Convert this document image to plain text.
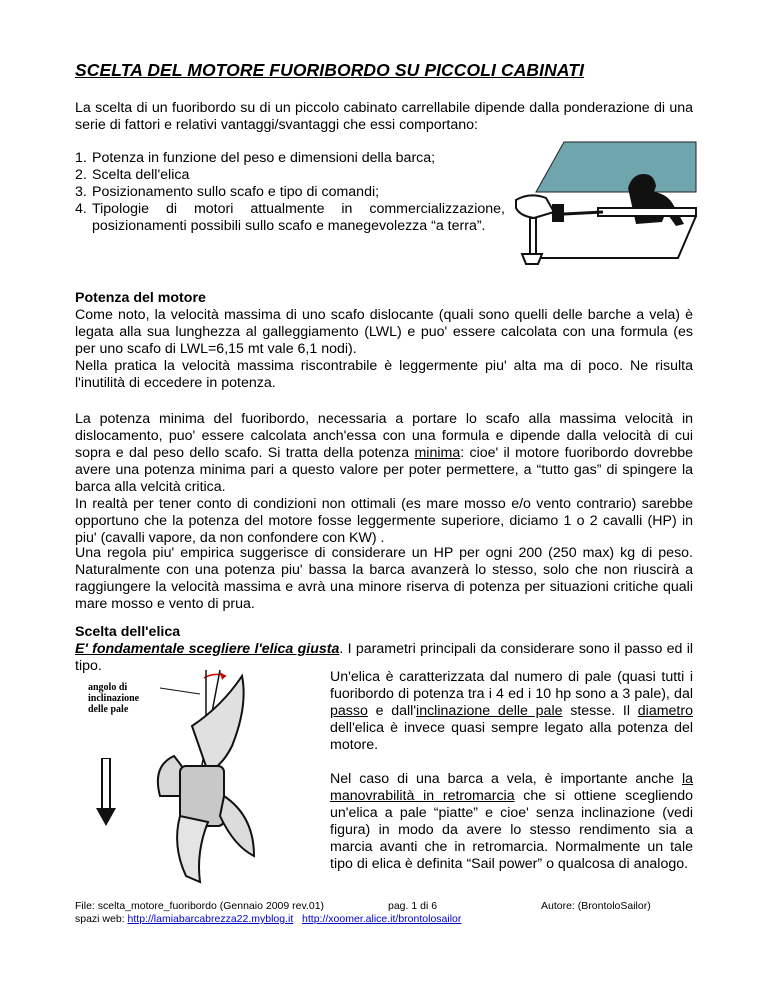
SCELTA DEL MOTORE FUORIBORDO SU PICCOLI CABINATI

La scelta di un fuoribordo su di un piccolo cabinato carrellabile dipende dalla ponderazione di una serie di fattori e relativi vantaggi/svantaggi che essi comportano:

1. Potenza in funzione del peso e dimensioni della barca;
2. Scelta dell'elica
3. Posizionamento sullo scafo e tipo di comandi;
4. Tipologie di motori attualmente in commercializzazione, posizionamenti possibili sullo scafo e manegevolezza “a terra”.

Potenza del motore

Come noto, la velocità massima di uno scafo dislocante (quali sono quelli delle barche a vela) è legata alla sua lunghezza al galleggiamento (LWL) e puo' essere calcolata con una formula (es per uno scafo di LWL=6,15 mt vale 6,1 nodi).

Nella pratica la velocità massima riscontrabile è leggermente piu' alta ma di poco. Ne risulta l'inutilità di eccedere in potenza.

La potenza minima del fuoribordo, necessaria a portare lo scafo alla massima velocità in dislocamento, puo' essere calcolata anch'essa con una formula e dipende dalla velocità di cui sopra e dal peso dello scafo. Si tratta della potenza minima: cioe' il motore fuoribordo dovrebbe avere una potenza minima pari a questo valore per poter permettere, a “tutto gas” di spingere la barca alla velcità critica.

In realtà per tener conto di condizioni non ottimali (es mare mosso e/o vento contrario) sarebbe opportuno che la potenza del motore fosse leggermente superiore, diciamo 1 o 2 cavalli (HP) in piu' (cavalli vapore, da non confondere con KW) .

Una regola piu' empirica suggerisce di considerare un HP per ogni 200 (250 max) kg di peso. Naturalmente con una potenza piu' bassa la barca avanzerà lo stesso, solo che non riuscirà a raggiungere la velocità massima e avrà una minore riserva di potenza per situazioni critiche quali mare mosso e vento di prua.

Scelta dell'elica

E' fondamentale scegliere l'elica giusta. I parametri principali da considerare sono il passo ed il tipo.

angolo di
inclinazione
delle pale

Un'elica è caratterizzata dal numero di pale (quasi tutti i fuoribordo di potenza tra i 4 ed i 10 hp sono a 3 pale), dal passo e dall'inclinazione delle pale stesse. Il diametro dell'elica è invece quasi sempre legato alla potenza del motore.

Nel caso di una barca a vela, è importante anche la manovrabilità in retromarcia che si ottiene scegliendo un'elica a pale “piatte” e cioe' senza inclinazione (vedi figura) in modo da avere lo stesso rendimento sia a marcia avanti che in retromarcia. Normalmente un tale tipo di elica è definita “Sail power” o qualcosa di analogo.

File: scelta_motore_fuoribordo (Gennaio 2009 rev.01)	pag. 1 di 6	Autore: (BrontoloSailor)
spazi web: http://lamiabarcabrezza22.myblog.it http://xoomer.alice.it/brontolosailor
